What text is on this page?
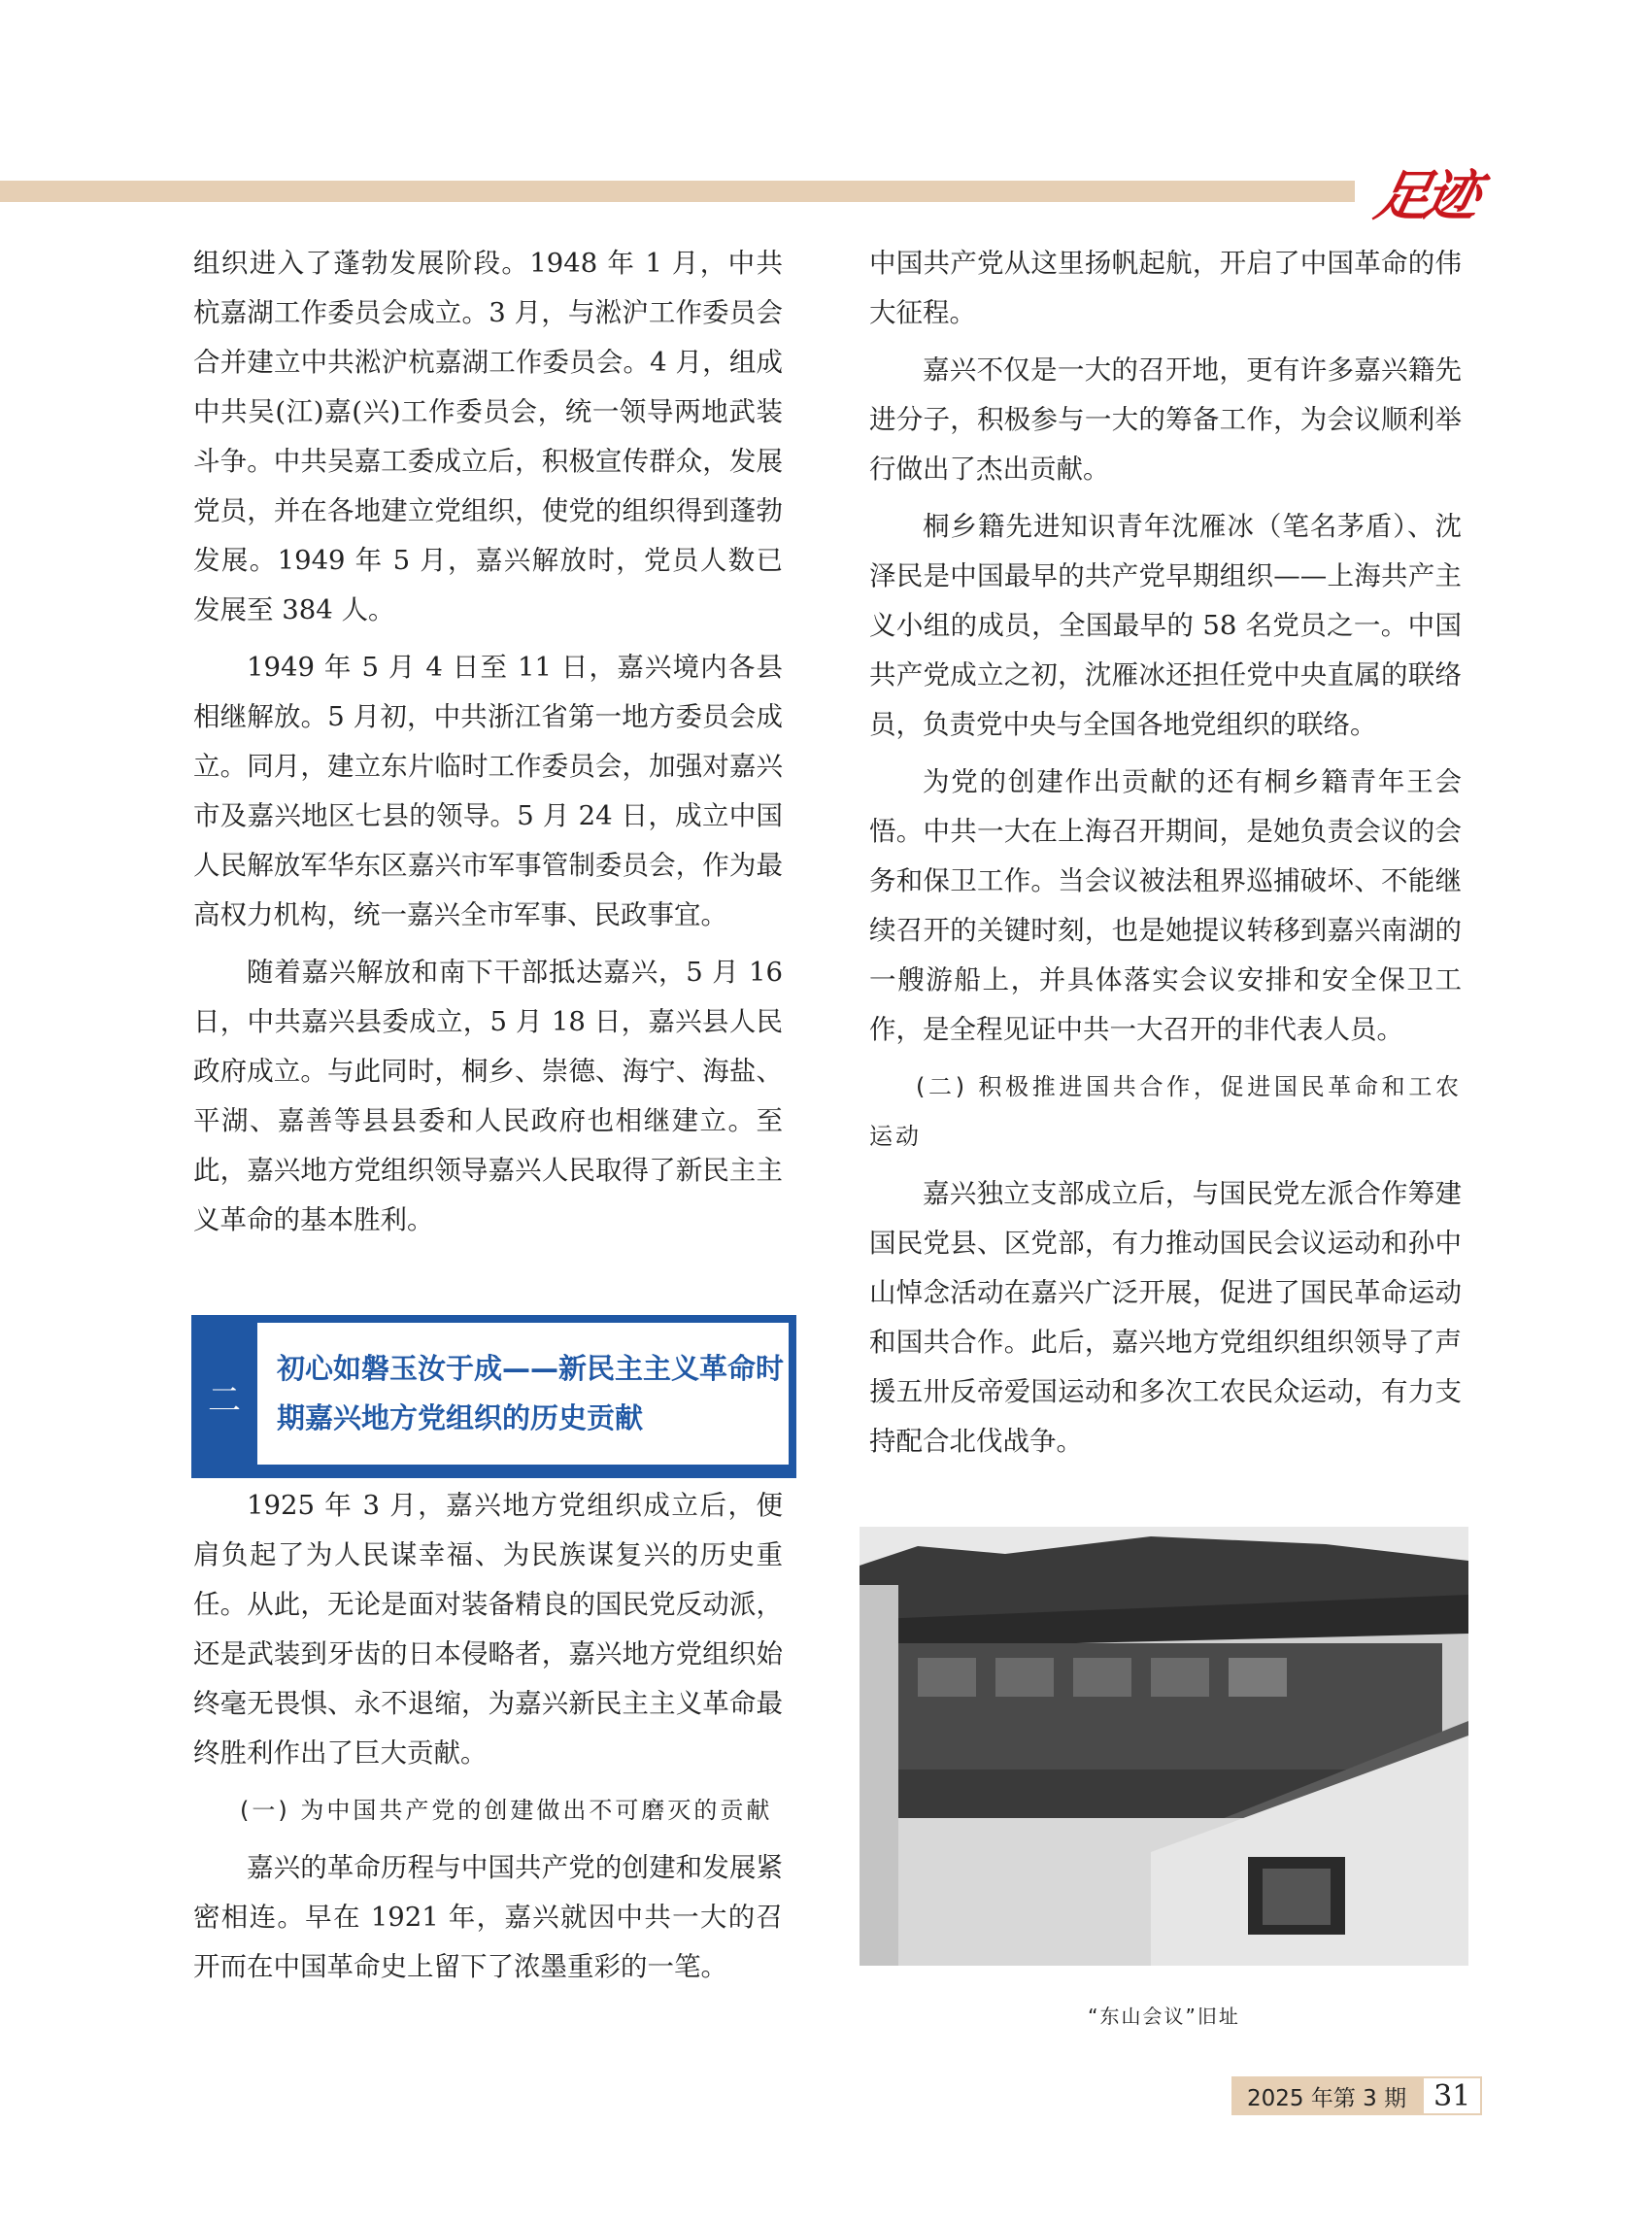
足迹

组织进入了蓬勃发展阶段。1948 年 1 月，中共杭嘉湖工作委员会成立。3 月，与淞沪工作委员会合并建立中共淞沪杭嘉湖工作委员会。4 月，组成中共吴(江)嘉(兴)工作委员会，统一领导两地武装斗争。中共吴嘉工委成立后，积极宣传群众，发展党员，并在各地建立党组织，使党的组织得到蓬勃发展。1949 年 5 月，嘉兴解放时，党员人数已发展至 384 人。

1949 年 5 月 4 日至 11 日，嘉兴境内各县相继解放。5 月初，中共浙江省第一地方委员会成立。同月，建立东片临时工作委员会，加强对嘉兴市及嘉兴地区七县的领导。5 月 24 日，成立中国人民解放军华东区嘉兴市军事管制委员会，作为最高权力机构，统一嘉兴全市军事、民政事宜。

随着嘉兴解放和南下干部抵达嘉兴，5 月 16 日，中共嘉兴县委成立，5 月 18 日，嘉兴县人民政府成立。与此同时，桐乡、崇德、海宁、海盐、平湖、嘉善等县县委和人民政府也相继建立。至此，嘉兴地方党组织领导嘉兴人民取得了新民主主义革命的基本胜利。

二
初心如磐玉汝于成——新民主主义革命时期嘉兴地方党组织的历史贡献

1925 年 3 月，嘉兴地方党组织成立后，便肩负起了为人民谋幸福、为民族谋复兴的历史重任。从此，无论是面对装备精良的国民党反动派，还是武装到牙齿的日本侵略者，嘉兴地方党组织始终毫无畏惧、永不退缩，为嘉兴新民主主义革命最终胜利作出了巨大贡献。

(一) 为中国共产党的创建做出不可磨灭的贡献

嘉兴的革命历程与中国共产党的创建和发展紧密相连。早在 1921 年，嘉兴就因中共一大的召开而在中国革命史上留下了浓墨重彩的一笔。

中国共产党从这里扬帆起航，开启了中国革命的伟大征程。

嘉兴不仅是一大的召开地，更有许多嘉兴籍先进分子，积极参与一大的筹备工作，为会议顺利举行做出了杰出贡献。

桐乡籍先进知识青年沈雁冰（笔名茅盾）、沈泽民是中国最早的共产党早期组织——上海共产主义小组的成员，全国最早的 58 名党员之一。中国共产党成立之初，沈雁冰还担任党中央直属的联络员，负责党中央与全国各地党组织的联络。

为党的创建作出贡献的还有桐乡籍青年王会悟。中共一大在上海召开期间，是她负责会议的会务和保卫工作。当会议被法租界巡捕破坏、不能继续召开的关键时刻，也是她提议转移到嘉兴南湖的一艘游船上，并具体落实会议安排和安全保卫工作，是全程见证中共一大召开的非代表人员。

(二) 积极推进国共合作，促进国民革命和工农运动

嘉兴独立支部成立后，与国民党左派合作筹建国民党县、区党部，有力推动国民会议运动和孙中山悼念活动在嘉兴广泛开展，促进了国民革命运动和国共合作。此后，嘉兴地方党组织组织领导了声援五卅反帝爱国运动和多次工农民众运动，有力支持配合北伐战争。

“东山会议”旧址
2025 年第 3 期 31
